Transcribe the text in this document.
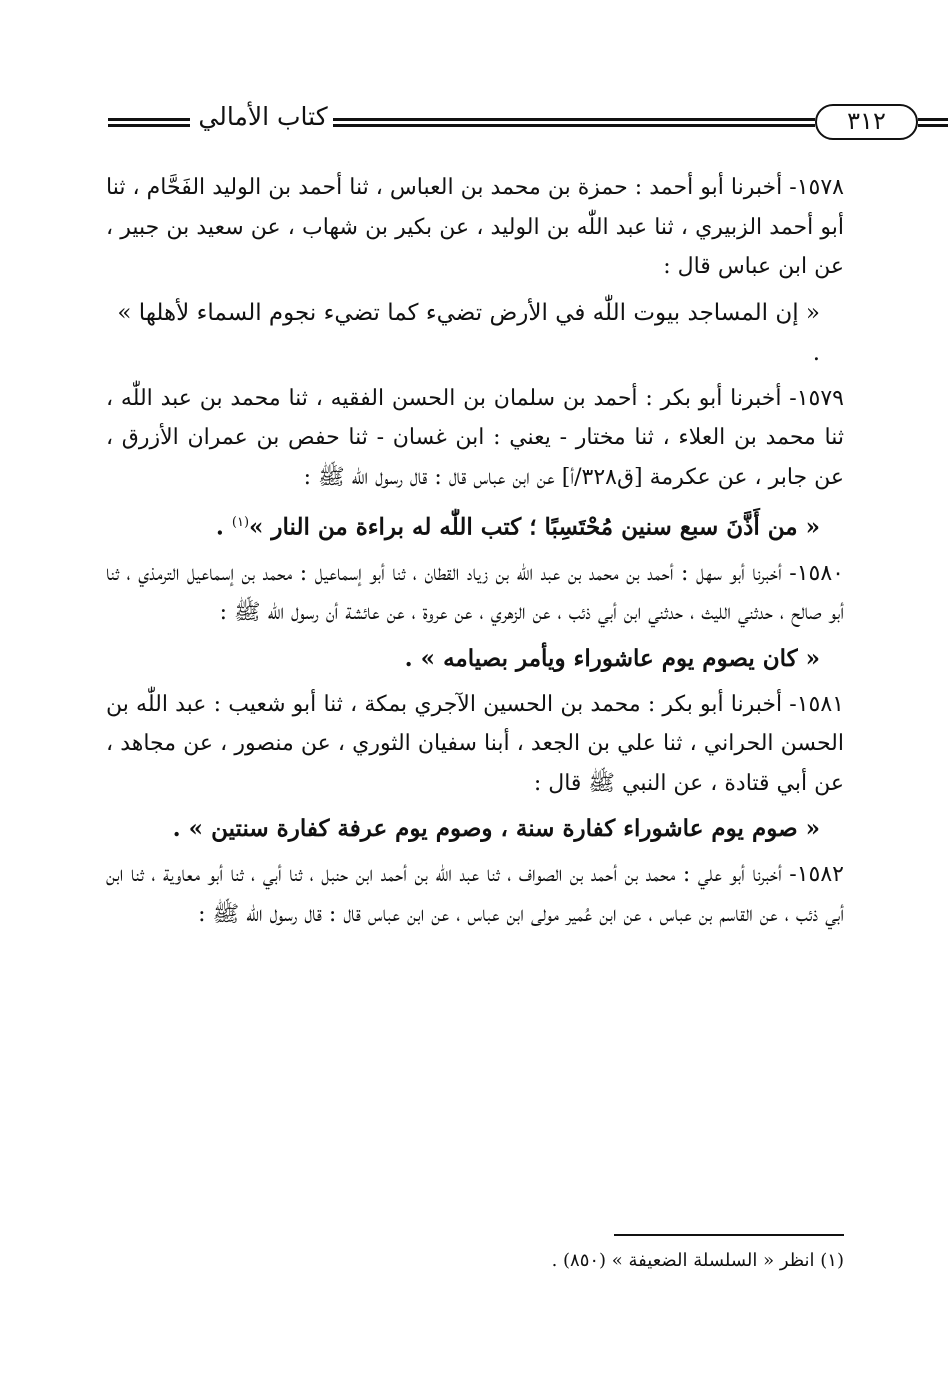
كتاب الأمالي	٣١٢

١٥٧٨- أخبرنا أبو أحمد : حمزة بن محمد بن العباس ، ثنا أحمد بن الوليد الفَحَّام ، ثنا أبو أحمد الزبيري ، ثنا عبد اللّٰه بن الوليد ، عن بكير بن شهاب ، عن سعيد بن جبير ، عن ابن عباس قال :

« إن المساجد بيوت اللّٰه في الأرض تضيء كما تضيء نجوم السماء لأهلها » .

١٥٧٩- أخبرنا أبو بكر : أحمد بن سلمان بن الحسن الفقيه ، ثنا محمد بن عبد اللّٰه ، ثنا محمد بن العلاء ، ثنا مختار - يعني : ابن غسان - ثنا حفص بن عمران الأزرق ، عن جابر ، عن عكرمة [ق٣٢٨/أ] عن ابن عباس قال : قال رسول اللّٰه ﷺ :

« من أَذَّنَ سبع سنين مُحْتَسِبًا ؛ كتب اللّٰه له براءة من النار »$^{(١)}$ .

١٥٨٠- أخبرنا أبو سهل : أحمد بن محمد بن عبد اللّٰه بن زياد القطان ، ثنا أبو إسماعيل : محمد بن إسماعيل الترمذي ، ثنا أبو صالح ، حدثني الليث ، حدثني ابن أبي ذئب ، عن الزهري ، عن عروة ، عن عائشة أن رسول اللّٰه ﷺ :

« كان يصوم يوم عاشوراء ويأمر بصيامه » .

١٥٨١- أخبرنا أبو بكر : محمد بن الحسين الآجري بمكة ، ثنا أبو شعيب : عبد اللّٰه بن الحسن الحراني ، ثنا علي بن الجعد ، أبنا سفيان الثوري ، عن منصور ، عن مجاهد ، عن أبي قتادة ، عن النبي ﷺ قال :

« صوم يوم عاشوراء كفارة سنة ، وصوم يوم عرفة كفارة سنتين » .

١٥٨٢- أخبرنا أبو علي : محمد بن أحمد بن الصواف ، ثنا عبد اللّٰه بن أحمد ابن حنبل ، ثنا أبي ، ثنا أبو معاوية ، ثنا ابن أبي ذئب ، عن القاسم بن عباس ، عن ابن عُمير مولى ابن عباس ، عن ابن عباس قال : قال رسول اللّٰه ﷺ :

(١) انظر « السلسلة الضعيفة » (٨٥٠) .
